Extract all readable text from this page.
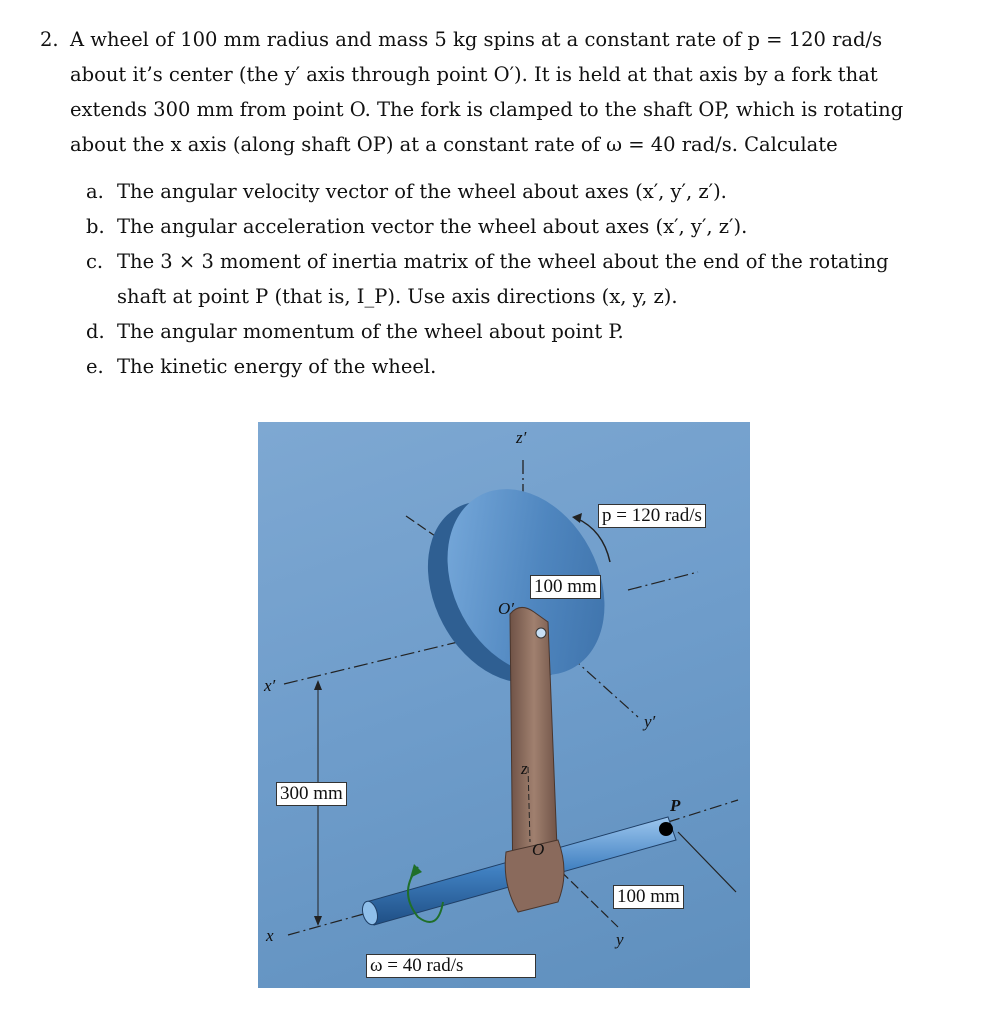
2. A wheel of 100 mm radius and mass 5 kg spins at a constant rate of p = 120 rad/s
about it’s center (the y′ axis through point O′). It is held at that axis by a fork that
extends 300 mm from point O. The fork is clamped to the shaft OP, which is rotating
about the x axis (along shaft OP) at a constant rate of ω = 40 rad/s. Calculate
a. The angular velocity vector of the wheel about axes (x′, y′, z′).
b. The angular acceleration vector the wheel about axes (x′, y′, z′).
c. The 3 × 3 moment of inertia matrix of the wheel about the end of the rotating
shaft at point P (that is, I_P). Use axis directions (x, y, z).
d. The angular momentum of the wheel about point P.
e. The kinetic energy of the wheel.
z′
x′
O′
y′
z
O
P
x	y
p = 120 rad/s
100 mm
300 mm
100 mm
ω = 40 rad/s
